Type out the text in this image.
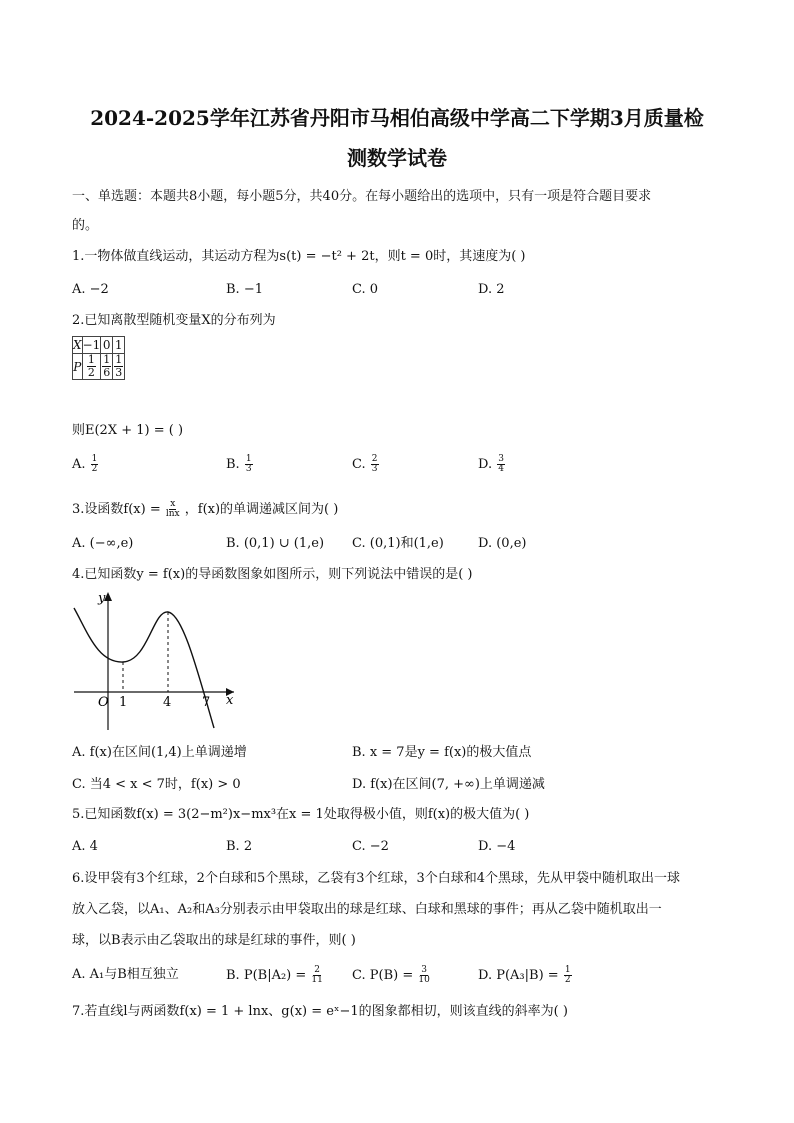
2024-2025学年江苏省丹阳市马相伯高级中学高二下学期3月质量检
测数学试卷
一、单选题：本题共8小题，每小题5分，共40分。在每小题给出的选项中，只有一项是符合题目要求
的。
1.一物体做直线运动，其运动方程为s(t) = −t² + 2t，则t = 0时，其速度为( )
A. −2	B. −1	C. 0	D. 2
2.已知离散型随机变量X的分布列为
X	−1	0	1
P	$\frac{1}{2}$	$\frac{1}{6}$	$\frac{1}{3}$
则E(2X + 1) = ( )
A. $\frac{1}{2}$	B. $\frac{1}{3}$	C. $\frac{2}{3}$	D. $\frac{3}{4}$
3.设函数$f(x) = \frac{x}{\ln x}$ ，f(x)的单调递减区间为( )
A. (−∞,e)	B. (0,1) ∪ (1,e) C. (0,1)和(1,e)	D. (0,e)
4.已知函数y = f(x)的导函数图象如图所示，则下列说法中错误的是( )
O 1	4 7 x
y
A. f(x)在区间(1,4)上单调递增	B. x = 7是y = f(x)的极大值点
C. 当4 < x < 7时，f(x) > 0	D. f(x)在区间(7, +∞)上单调递减
5.已知函数f(x) = 3(2−m²)x−mx³在x = 1处取得极小值，则f(x)的极大值为( )
A. 4	B. 2	C. −2	D. −4
6.设甲袋有3个红球，2个白球和5个黑球，乙袋有3个红球，3个白球和4个黑球，先从甲袋中随机取出一球
放入乙袋，以A₁、A₂和A₃分别表示由甲袋取出的球是红球、白球和黑球的事件；再从乙袋中随机取出一
球，以B表示由乙袋取出的球是红球的事件，则( )
A. A₁与B相互独立	B. $P(B|A_2) = \frac{2}{11} C$. $P(B) = \frac{3}{10}$	D. $P(A_3|B) = \frac{1}{2}$
7.若直线l与两函数f(x) = 1 + lnx、g(x) = eˣ−1的图象都相切，则该直线的斜率为( )
